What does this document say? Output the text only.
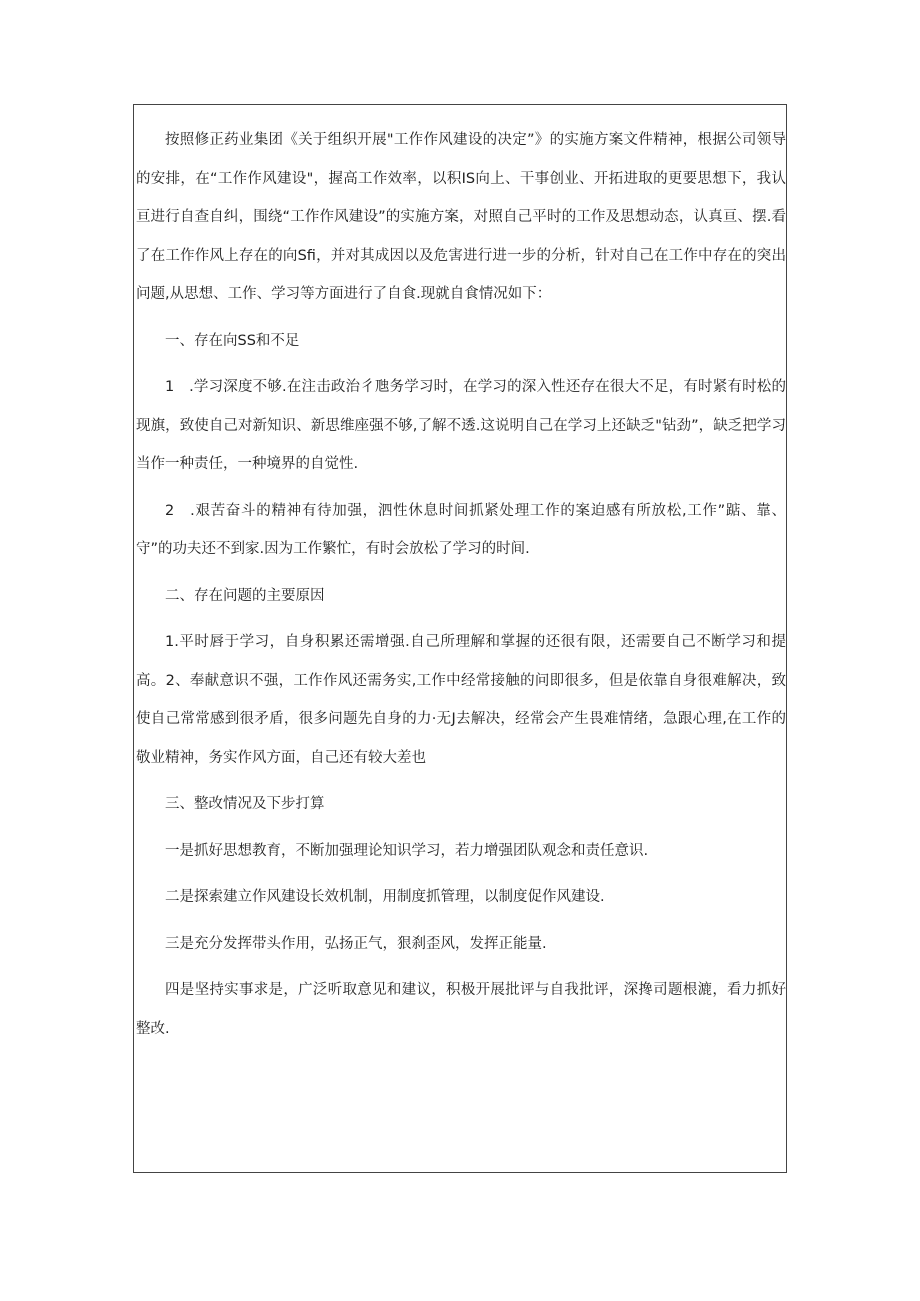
按照修正药业集团《关于组织开展"工作作风建设的决定”》的实施方案文件精神，根据公司领导的安排，在“工作作风建设"，握高工作效率，以积IS向上、干事创业、开拓进取的更要思想下，我认亘进行自查自纠，围绕“工作作风建设”的实施方案，对照自己平时的工作及思想动态，认真亘、摆.看了在工作作风上存在的向Sfi，并对其成因以及危害进行进一步的分析，针对自己在工作中存在的突出问题,从思想、工作、学习等方面进行了自食.现就自食情况如下：

一、存在向SS和不足

1　.学习深度不够.在注击政治彳虺务学习时，在学习的深入性还存在很大不足，有时紧有时松的现旗，致使自己对新知识、新思维座强不够,了解不透.这说明自己在学习上还缺乏"钻劲”，缺乏把学习当作一种责任，一种境界的自觉性.

2　.艰苦奋斗的精神有待加强，泗性休息时间抓紧处理工作的案迫感有所放松,工作”踮、靠、守”的功夫还不到家.因为工作繁忙，有时会放松了学习的时间.

二、存在问题的主要原因

1.平时唇于学习，自身积累还需增强.自己所理解和掌握的还很有限，还需要自己不断学习和提高。2、奉献意识不强，工作作风还需务实,工作中经常接触的问即很多，但是依靠自身很难解决，致使自己常常感到很矛盾，很多问题先自身的力·无J去解决，经常会产生畏难情绪，急跟心理,在工作的敬业精神，务实作风方面，自己还有较大差也

三、整改情况及下步打算

一是抓好思想教育，不断加强理论知识学习，若力增强团队观念和责任意识.

二是探索建立作风建设长效机制，用制度抓管理，以制度促作风建设.

三是充分发挥带头作用，弘扬正气，狠刹歪风，发挥正能量.

四是坚持实事求是，广泛听取意见和建议，积极开展批评与自我批评，深搀司题根漉，看力抓好整改.
